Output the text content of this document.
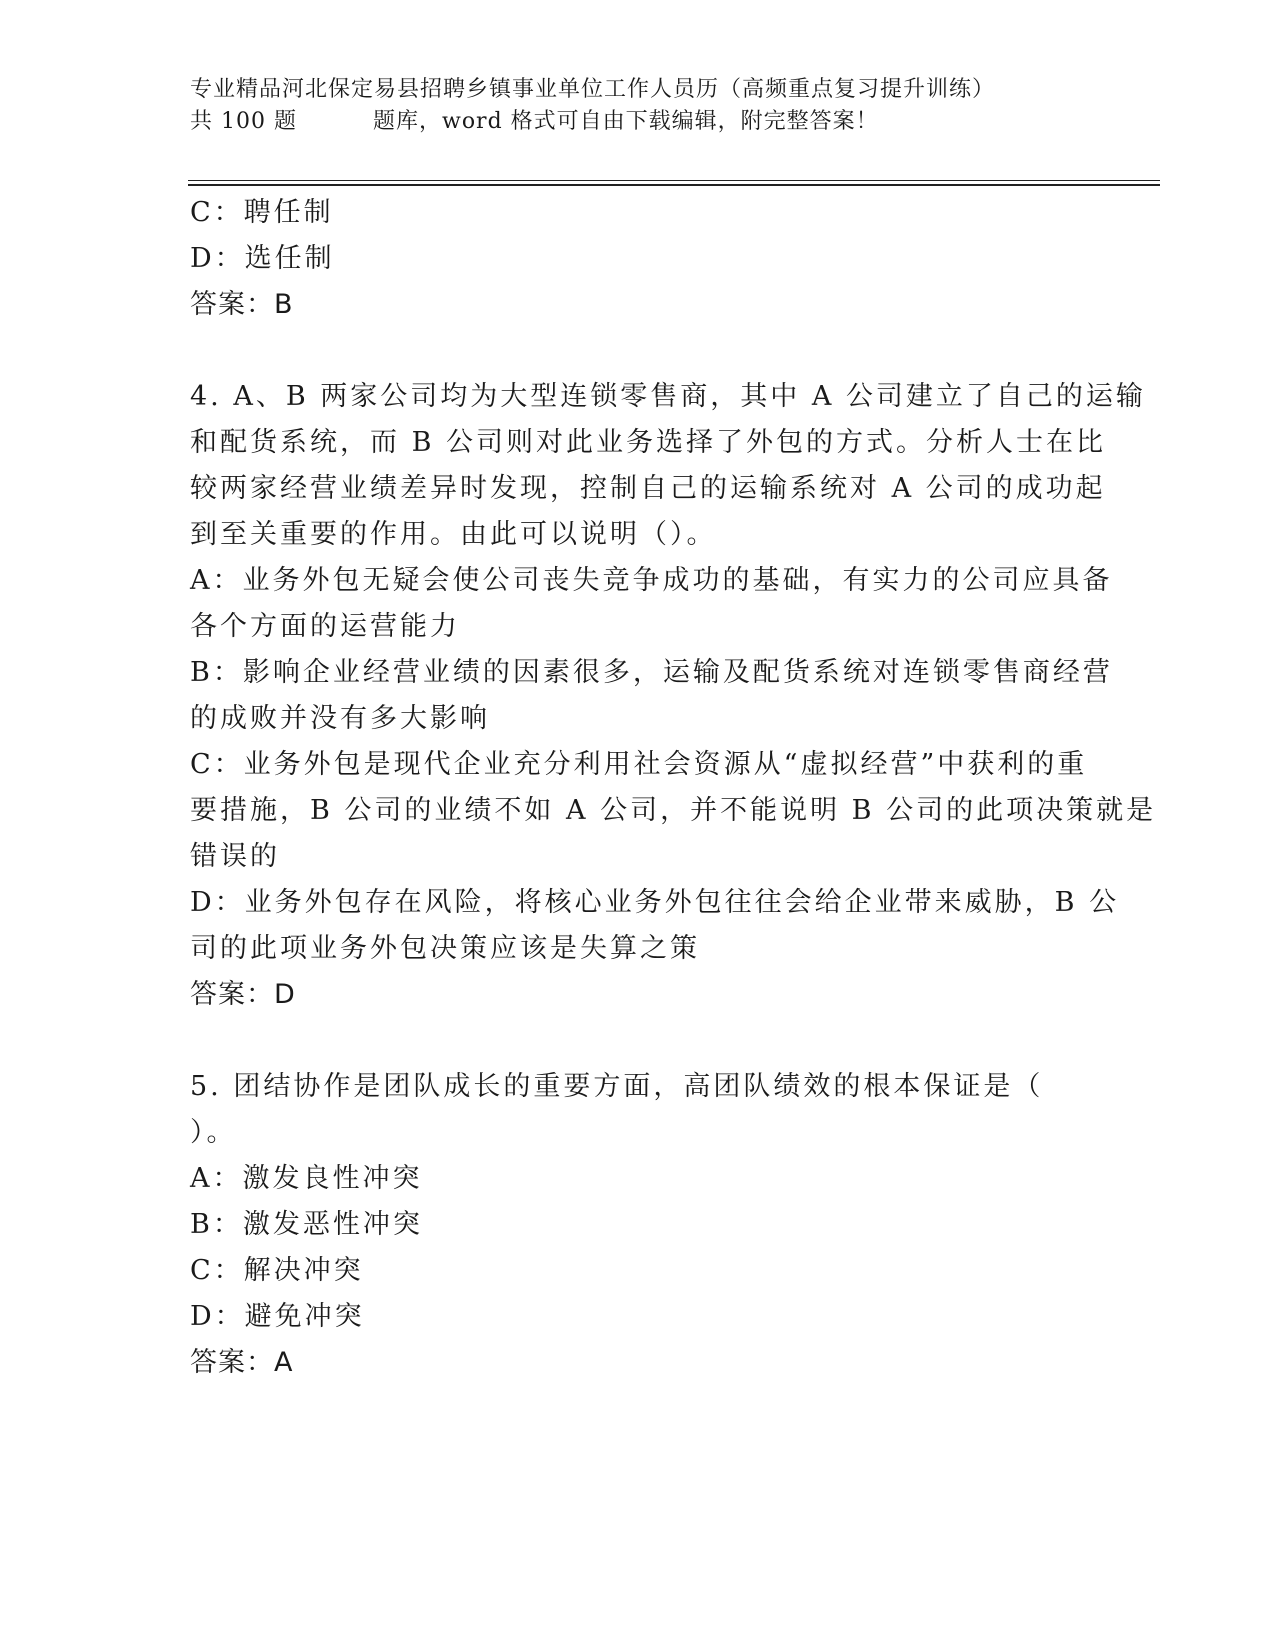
专业精品河北保定易县招聘乡镇事业单位工作人员历（高频重点复习提升训练）
共 100 题	题库，word 格式可自由下载编辑，附完整答案！
C：聘任制
D：选任制
答案：B
4. A、B 两家公司均为大型连锁零售商，其中 A 公司建立了自己的运输
和配货系统，而 B 公司则对此业务选择了外包的方式。分析人士在比
较两家经营业绩差异时发现，控制自己的运输系统对 A 公司的成功起
到至关重要的作用。由此可以说明（）。
A：业务外包无疑会使公司丧失竞争成功的基础，有实力的公司应具备
各个方面的运营能力
B：影响企业经营业绩的因素很多，运输及配货系统对连锁零售商经营
的成败并没有多大影响
C：业务外包是现代企业充分利用社会资源从“虚拟经营”中获利的重
要措施，B 公司的业绩不如 A 公司，并不能说明 B 公司的此项决策就是
错误的
D：业务外包存在风险，将核心业务外包往往会给企业带来威胁，B 公
司的此项业务外包决策应该是失算之策
答案：D
5. 团结协作是团队成长的重要方面，高团队绩效的根本保证是（
）。
A：激发良性冲突
B：激发恶性冲突
C：解决冲突
D：避免冲突
答案：A
